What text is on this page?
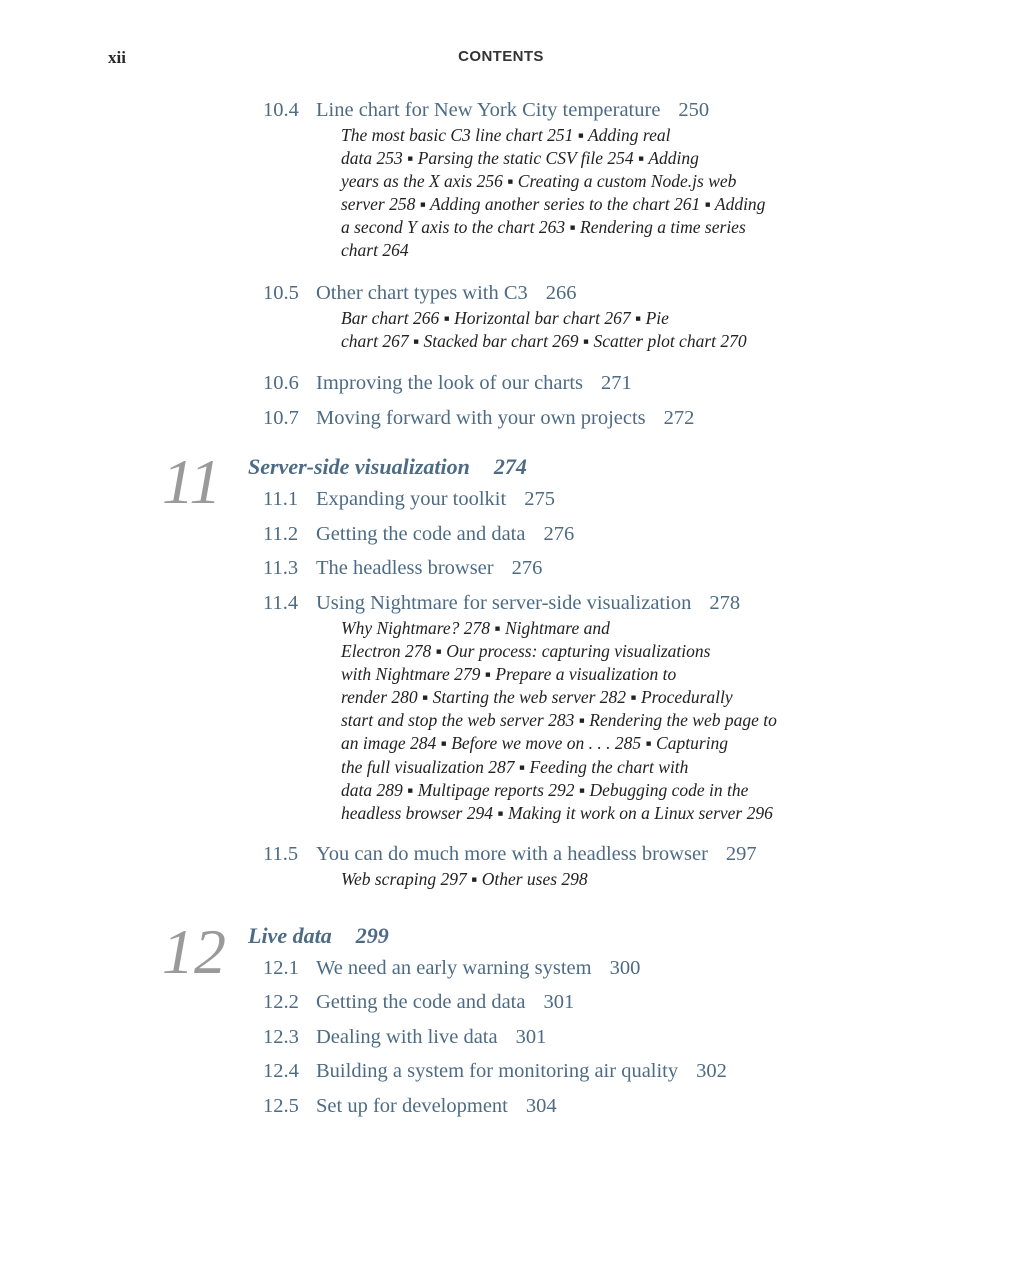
xii	CONTENTS
10.4 Line chart for New York City temperature 250
The most basic C3 line chart 251 ▪ Adding real
data 253 ▪ Parsing the static CSV file 254 ▪ Adding
years as the X axis 256 ▪ Creating a custom Node.js web
server 258 ▪ Adding another series to the chart 261 ▪ Adding
a second Y axis to the chart 263 ▪ Rendering a time series
chart 264
10.5 Other chart types with C3 266
Bar chart 266 ▪ Horizontal bar chart 267 ▪ Pie
chart 267 ▪ Stacked bar chart 269 ▪ Scatter plot chart 270
10.6 Improving the look of our charts 271
10.7 Moving forward with your own projects 272
11 Server-side visualization 274
11.1 Expanding your toolkit 275
11.2 Getting the code and data 276
11.3 The headless browser 276
11.4 Using Nightmare for server-side visualization 278
Why Nightmare? 278 ▪ Nightmare and
Electron 278 ▪ Our process: capturing visualizations
with Nightmare 279 ▪ Prepare a visualization to
render 280 ▪ Starting the web server 282 ▪ Procedurally
start and stop the web server 283 ▪ Rendering the web page to
an image 284 ▪ Before we move on . . . 285 ▪ Capturing
the full visualization 287 ▪ Feeding the chart with
data 289 ▪ Multipage reports 292 ▪ Debugging code in the
headless browser 294 ▪ Making it work on a Linux server 296
11.5 You can do much more with a headless browser 297
Web scraping 297 ▪ Other uses 298
12 Live data 299
12.1 We need an early warning system 300
12.2 Getting the code and data 301
12.3 Dealing with live data 301
12.4 Building a system for monitoring air quality 302
12.5 Set up for development 304
